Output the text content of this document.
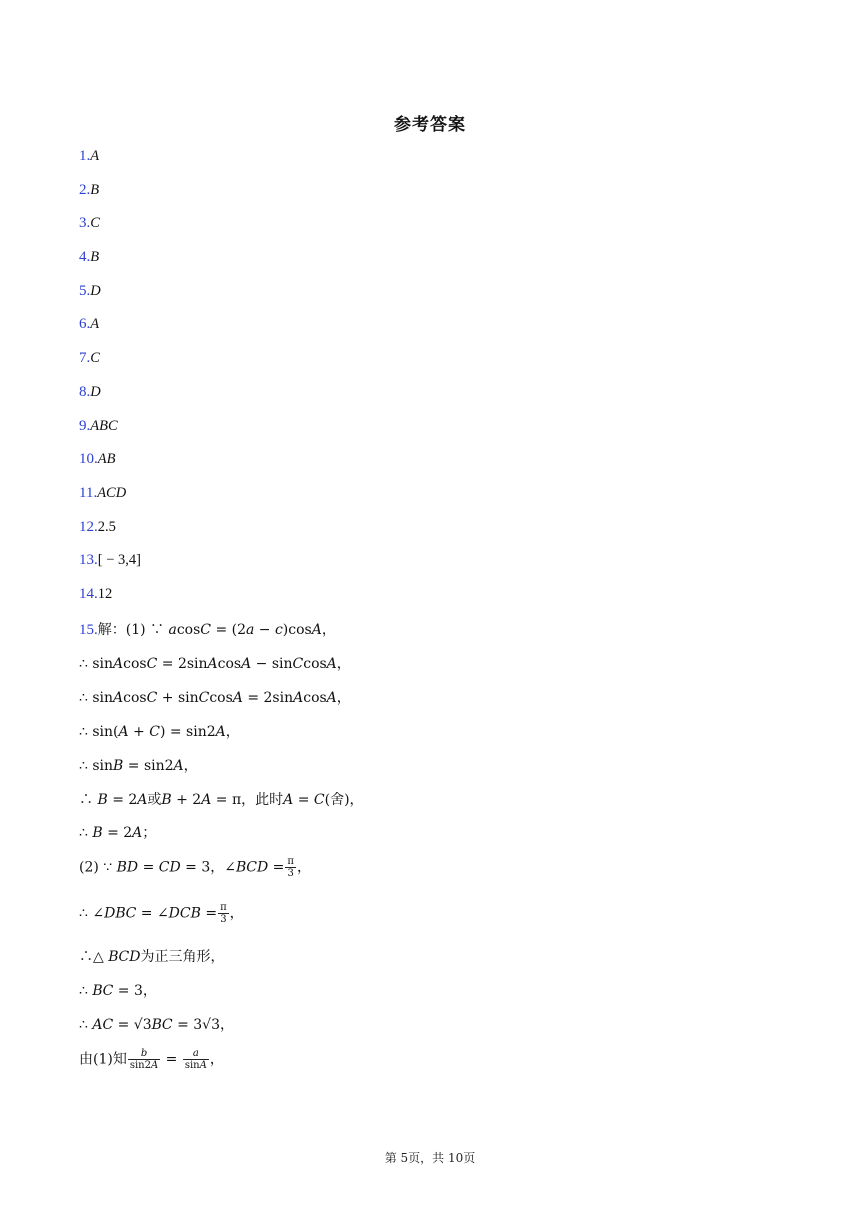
参考答案
1.A
2.B
3.C
4.B
5.D
6.A
7.C
8.D
9.ABC
10.AB
11.ACD
12.2.5
13.[ − 3,4]
14.12
15.解：(1) ∵ 𝑎cos𝐶 = (2𝑎 − 𝑐)cos𝐴，
∴ sin𝐴cos𝐶 = 2sin𝐴cos𝐴 − sin𝐶cos𝐴，
∴ sin𝐴cos𝐶 + sin𝐶cos𝐴 = 2sin𝐴cos𝐴，
∴ sin(𝐴 + 𝐶) = sin2𝐴，
∴ sin𝐵 = sin2𝐴，
∴ 𝐵 = 2𝐴或𝐵 + 2𝐴 = π，此时𝐴 = 𝐶(舍)，
∴ 𝐵 = 2𝐴；
(2) ∵ 𝐵𝐷 = 𝐶𝐷 = 3，∠𝐵𝐶𝐷 = $\frac{\pi}{3}$ ，
∴ ∠𝐷𝐵𝐶 = ∠𝐷𝐶𝐵 = $\frac{\pi}{3}$ ，
∴△ 𝐵𝐶𝐷为正三角形，
∴ 𝐵𝐶 = 3，
∴ 𝐴𝐶 = √3𝐵𝐶 = 3√3，
由(1)知 $\frac{\text{𝑏}}{\text{sin2𝐴}} = \frac{\text{𝑎}}{\text{sin𝐴}}$ ，
第 5页，共 10页
